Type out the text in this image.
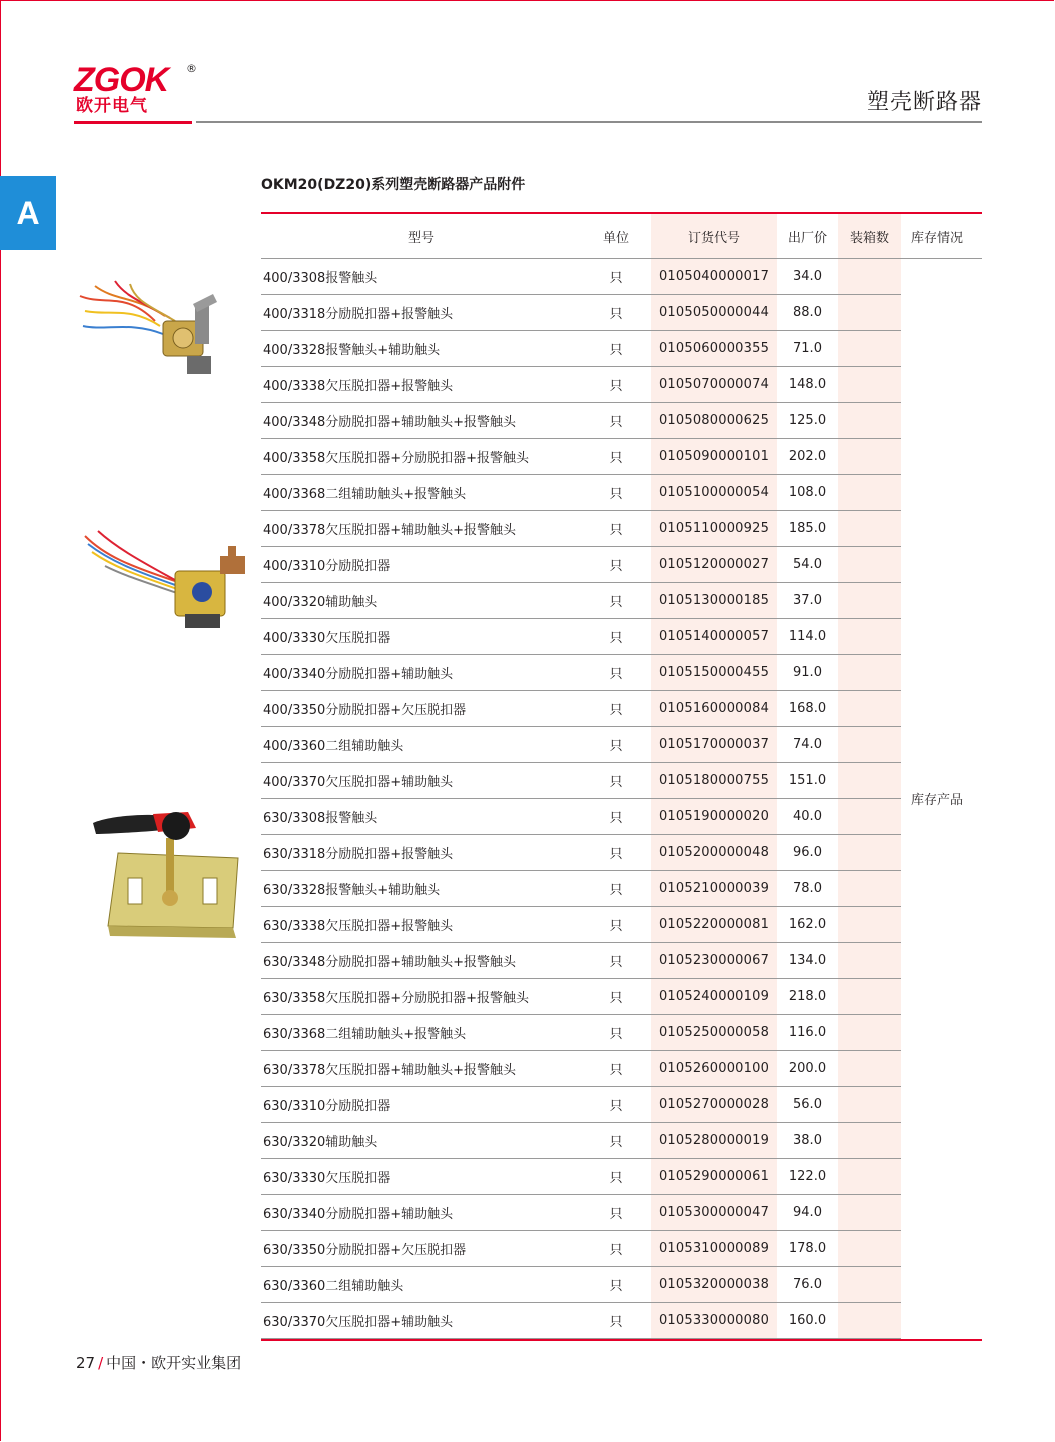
ZGOK ®
欧开电气	塑壳断路器
A
OKM20(DZ20)系列塑壳断路器产品附件
型号	单位	订货代号	出厂价	装箱数	库存情况
400/3308报警触头	只	0105040000017	34.0		库存产品
400/3318分励脱扣器+报警触头	只	0105050000044	88.0		
400/3328报警触头+辅助触头	只	0105060000355	71.0		
400/3338欠压脱扣器+报警触头	只	0105070000074	148.0		
400/3348分励脱扣器+辅助触头+报警触头	只	0105080000625	125.0		
400/3358欠压脱扣器+分励脱扣器+报警触头	只	0105090000101	202.0		
400/3368二组辅助触头+报警触头	只	0105100000054	108.0		
400/3378欠压脱扣器+辅助触头+报警触头	只	0105110000925	185.0		
400/3310分励脱扣器	只	0105120000027	54.0		
400/3320辅助触头	只	0105130000185	37.0		
400/3330欠压脱扣器	只	0105140000057	114.0		
400/3340分励脱扣器+辅助触头	只	0105150000455	91.0		
400/3350分励脱扣器+欠压脱扣器	只	0105160000084	168.0		
400/3360二组辅助触头	只	0105170000037	74.0		
400/3370欠压脱扣器+辅助触头	只	0105180000755	151.0		
630/3308报警触头	只	0105190000020	40.0		
630/3318分励脱扣器+报警触头	只	0105200000048	96.0		
630/3328报警触头+辅助触头	只	0105210000039	78.0		
630/3338欠压脱扣器+报警触头	只	0105220000081	162.0		
630/3348分励脱扣器+辅助触头+报警触头	只	0105230000067	134.0		
630/3358欠压脱扣器+分励脱扣器+报警触头	只	0105240000109	218.0		
630/3368二组辅助触头+报警触头	只	0105250000058	116.0		
630/3378欠压脱扣器+辅助触头+报警触头	只	0105260000100	200.0		
630/3310分励脱扣器	只	0105270000028	56.0		
630/3320辅助触头	只	0105280000019	38.0		
630/3330欠压脱扣器	只	0105290000061	122.0		
630/3340分励脱扣器+辅助触头	只	0105300000047	94.0		
630/3350分励脱扣器+欠压脱扣器	只	0105310000089	178.0		
630/3360二组辅助触头	只	0105320000038	76.0		
630/3370欠压脱扣器+辅助触头	只	0105330000080	160.0		
27 / 中国・欧开实业集团
